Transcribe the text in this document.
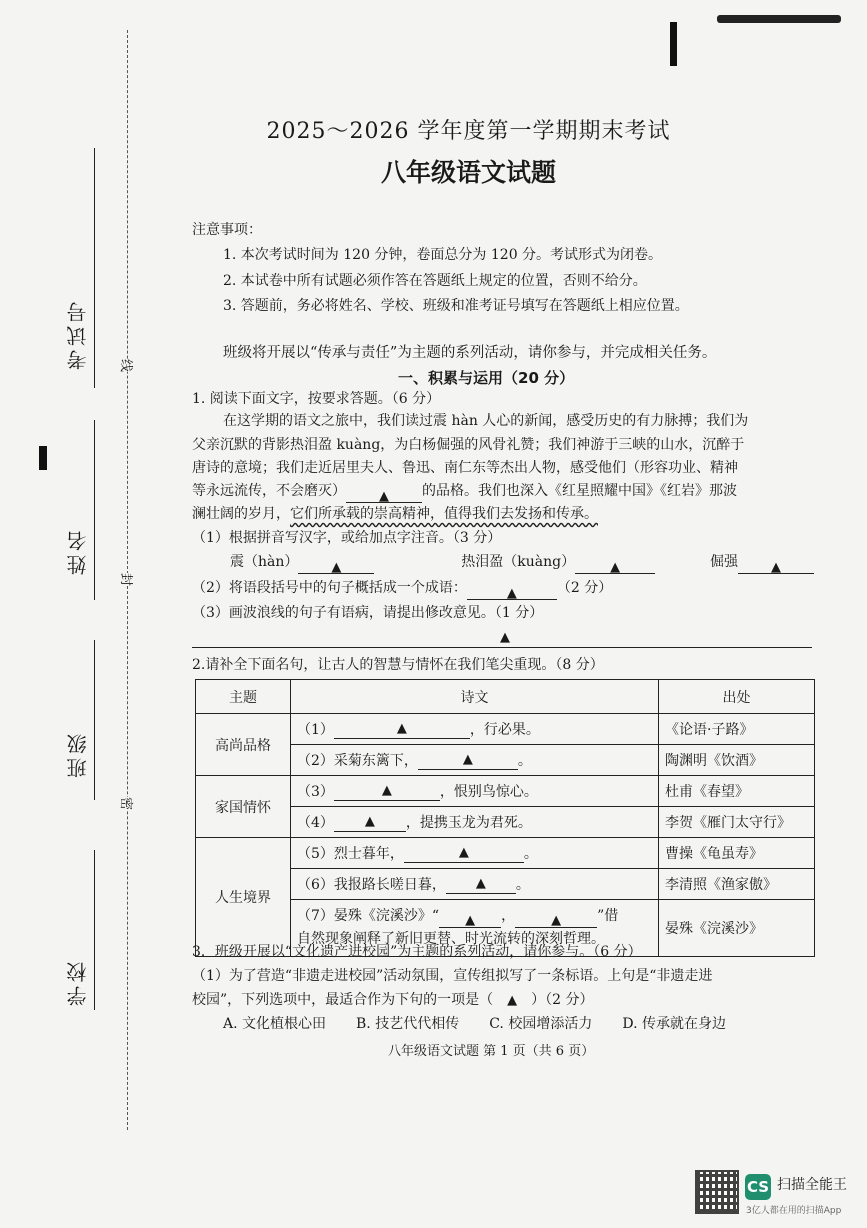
考试号
姓名
班级
学校
线
封
密
2025～2026 学年度第一学期期末考试
八年级语文试题
注意事项：
1. 本次考试时间为 120 分钟，卷面总分为 120 分。考试形式为闭卷。
2. 本试卷中所有试题必须作答在答题纸上规定的位置，否则不给分。
3. 答题前，务必将姓名、学校、班级和准考证号填写在答题纸上相应位置。
班级将开展以“传承与责任”为主题的系列活动，请你参与，并完成相关任务。
一、积累与运用（20 分）
1. 阅读下面文字，按要求答题。（6 分）
在这学期的语文之旅中，我们读过震 hàn 人心的新闻，感受历史的有力脉搏；我们为
父亲沉默的背影热泪盈 kuàng，为白杨倔强的风骨礼赞；我们神游于三峡的山水，沉醉于
唐诗的意境；我们走近居里夫人、鲁迅、南仁东等杰出人物，感受他们（形容功业、精神
等永远流传，不会磨灭）	▲ 的品格。我们也深入《红星照耀中国》《红岩》那波
澜壮阔的岁月，它们所承载的崇高精神，值得我们去发扬和传承。
（1）根据拼音写汉字，或给加点字注音。（3 分）
震（hàn）	▲	热泪盈（kuàng）	▲	倔强	▲
（2）将语段括号中的句子概括成一个成语：	▲	（2 分）
（3）画波浪线的句子有语病，请提出修改意见。（1 分）
▲
2.请补全下面名句，让古人的智慧与情怀在我们笔尖重现。（8 分）
主题	诗文	出处
高尚品格	（1） ▲ ，行必果。	《论语·子路》
	（2）采菊东篱下， ▲ 。	陶渊明《饮酒》
家国情怀	（3） ▲ ，恨别鸟惊心。	杜甫《春望》
	（4） ▲ ，提携玉龙为君死。	李贺《雁门太守行》
人生境界	（5）烈士暮年， ▲ 。	曹操《龟虽寿》
	（6）我报路长嗟日暮， ▲ 。	李清照《渔家傲》

	（7）晏殊《浣溪沙》“ ▲ ， ▲ ”借
自然现象阐释了新旧更替、时光流转的深刻哲理。	晏殊《浣溪沙》
3．班级开展以“文化遗产进校园”为主题的系列活动，请你参与。（6 分）
（1）为了营造“非遗走进校园”活动氛围，宣传组拟写了一条标语。上句是“非遗走进
校园”，下列选项中，最适合作为下句的一项是（ ▲ ）（2 分）
A. 文化植根心田 B. 技艺代代相传 C. 校园增添活力 D. 传承就在身边
八年级语文试题 第 1 页（共 6 页）
CS 扫描全能王
3亿人都在用的扫描App
